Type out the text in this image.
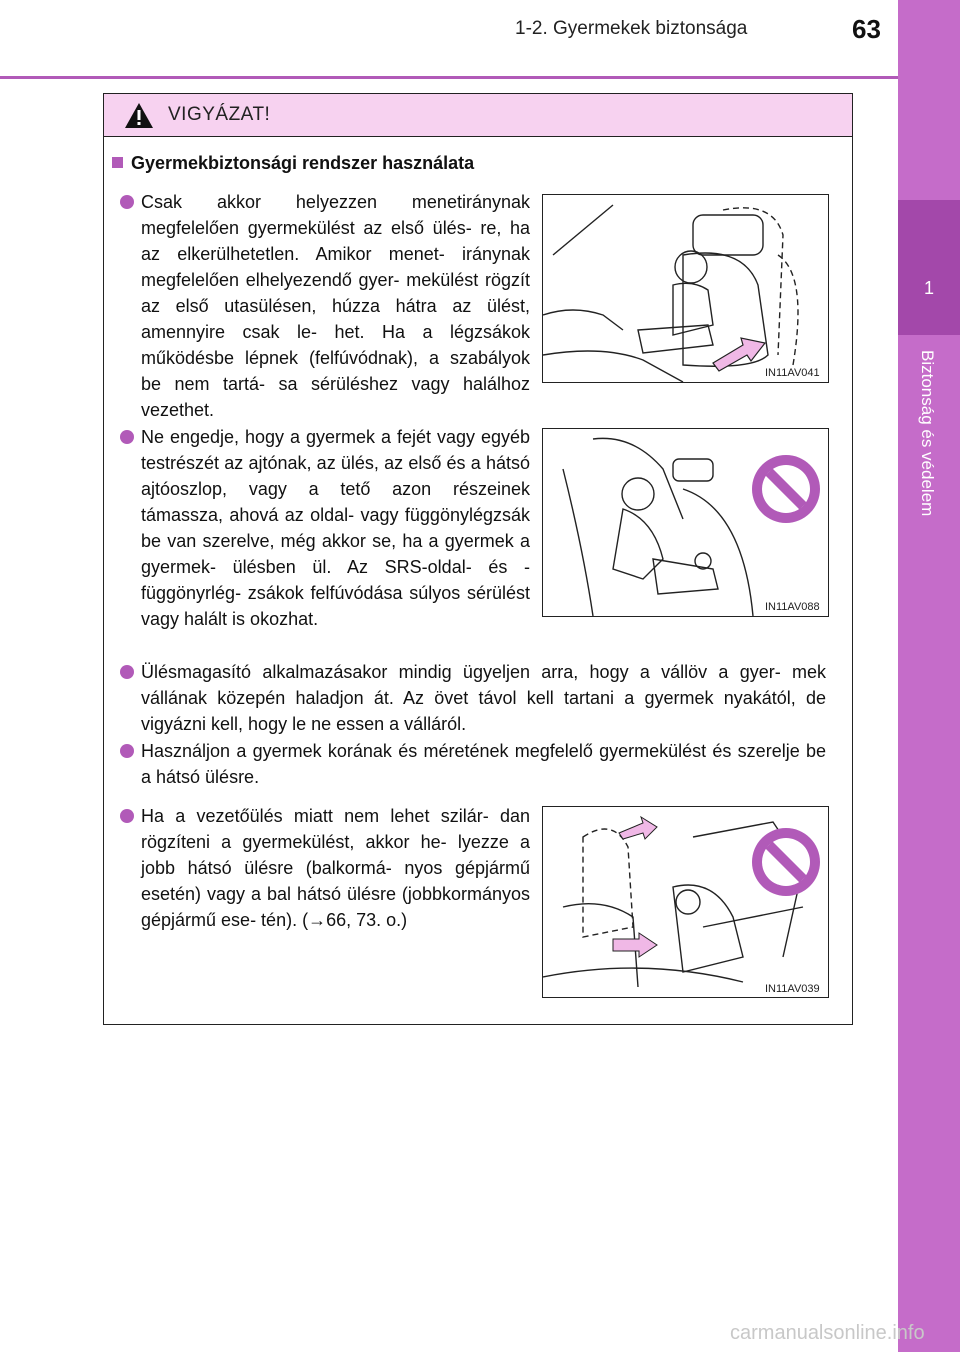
1-2. Gyermekek biztonsága	63
1
Biztonság és védelem
VIGYÁZAT!
Gyermekbiztonsági rendszer használata
Csak akkor helyezzen menetiránynak megfelelően gyermekülést az első ülés- re, ha az elkerülhetetlen. Amikor menet- iránynak megfelelően elhelyezendő gyer- mekülést rögzít az első utasülésen, húzza hátra az ülést, amennyire csak le- het. Ha a légzsákok működésbe lépnek (felfúvódnak), a szabályok be nem tartá- sa sérüléshez vagy halálhoz vezethet.
IN11AV041
Ne engedje, hogy a gyermek a fejét vagy egyéb testrészét az ajtónak, az ülés, az első és a hátsó ajtóoszlop, vagy a tető azon részeinek támassza, ahová az oldal- vagy függönylégzsák be van szerelve, még akkor se, ha a gyermek a gyermek- ülésben ül. Az SRS-oldal- és -függönyrlég- zsákok felfúvódása súlyos sérülést vagy halált is okozhat.
IN11AV088
Ülésmagasító alkalmazásakor mindig ügyeljen arra, hogy a vállöv a gyer- mek vállának közepén haladjon át. Az övet távol kell tartani a gyermek nyakától, de vigyázni kell, hogy le ne essen a válláról.
Használjon a gyermek korának és méretének megfelelő gyermekülést és szerelje be a hátsó ülésre.
Ha a vezetőülés miatt nem lehet szilár- dan rögzíteni a gyermekülést, akkor he- lyezze a jobb hátsó ülésre (balkormá- nyos gépjármű esetén) vagy a bal hátsó ülésre (jobbkormányos gépjármű ese- tén). (→66, 73. o.)
IN11AV039
carmanualsonline.info
